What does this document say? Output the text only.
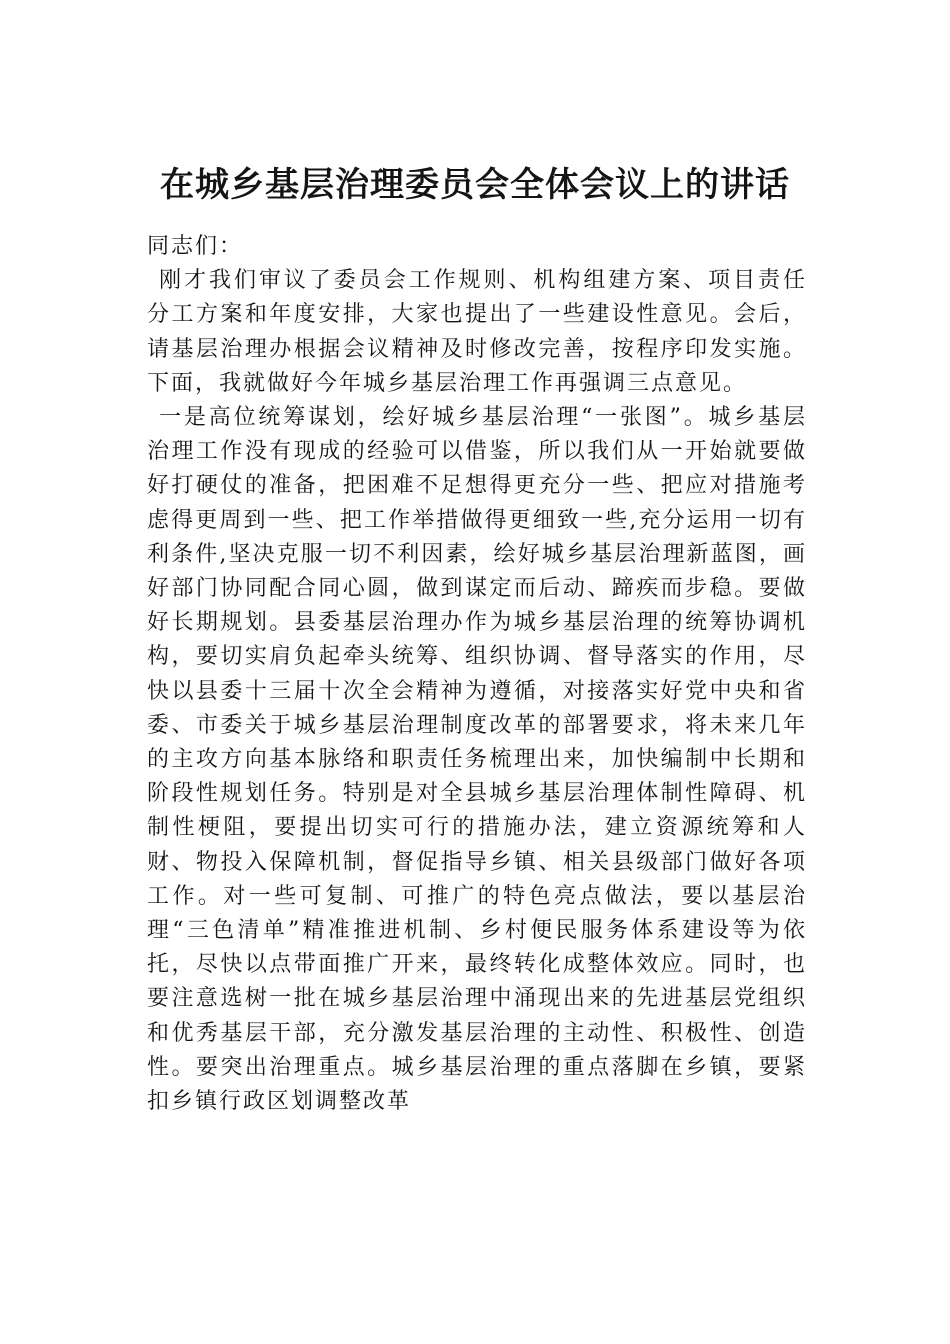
在城乡基层治理委员会全体会议上的讲话

同志们：

刚才我们审议了委员会工作规则、机构组建方案、项目责任分工方案和年度安排，大家也提出了一些建设性意见。会后，请基层治理办根据会议精神及时修改完善，按程序印发实施。下面，我就做好今年城乡基层治理工作再强调三点意见。

一是高位统筹谋划，绘好城乡基层治理“一张图”。城乡基层治理工作没有现成的经验可以借鉴，所以我们从一开始就要做好打硬仗的准备，把困难不足想得更充分一些、把应对措施考虑得更周到一些、把工作举措做得更细致一些,充分运用一切有利条件,坚决克服一切不利因素，绘好城乡基层治理新蓝图，画好部门协同配合同心圆，做到谋定而后动、蹄疾而步稳。要做好长期规划。县委基层治理办作为城乡基层治理的统筹协调机构，要切实肩负起牵头统筹、组织协调、督导落实的作用，尽快以县委十三届十次全会精神为遵循，对接落实好党中央和省委、市委关于城乡基层治理制度改革的部署要求，将未来几年的主攻方向基本脉络和职责任务梳理出来，加快编制中长期和阶段性规划任务。特别是对全县城乡基层治理体制性障碍、机制性梗阻，要提出切实可行的措施办法，建立资源统筹和人财、物投入保障机制，督促指导乡镇、相关县级部门做好各项工作。对一些可复制、可推广的特色亮点做法，要以基层治理“三色清单”精准推进机制、乡村便民服务体系建设等为依托，尽快以点带面推广开来，最终转化成整体效应。同时，也要注意选树一批在城乡基层治理中涌现出来的先进基层党组织和优秀基层干部，充分激发基层治理的主动性、积极性、创造性。要突出治理重点。城乡基层治理的重点落脚在乡镇，要紧扣乡镇行政区划调整改革
